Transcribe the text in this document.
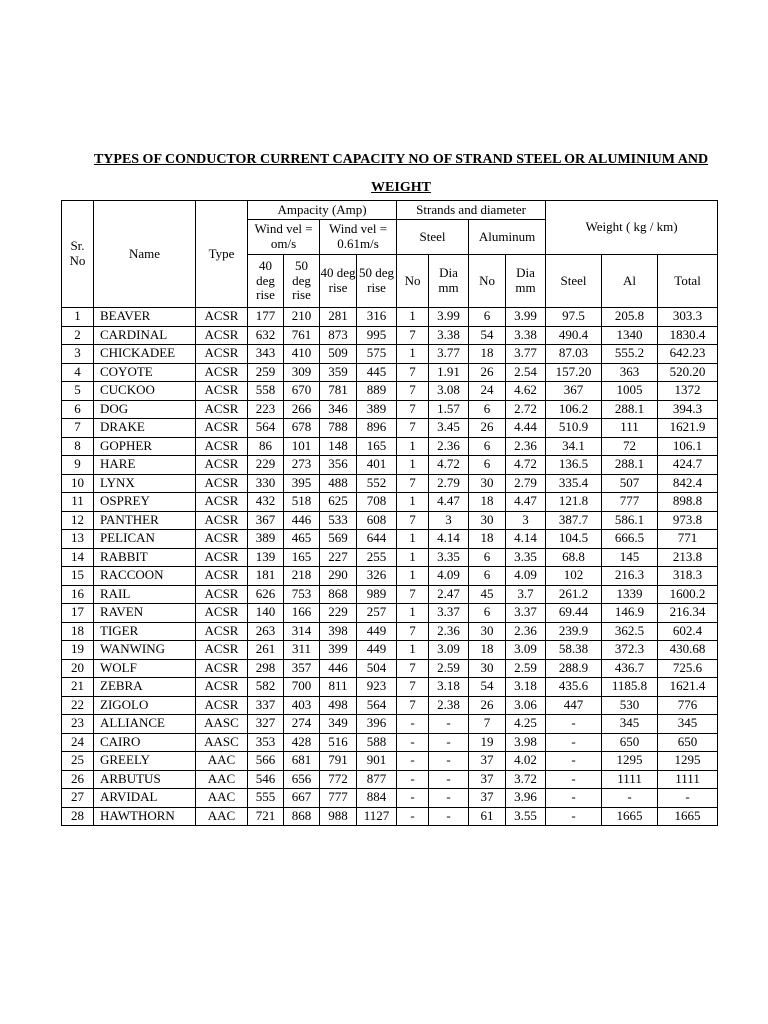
TYPES OF CONDUCTOR CURRENT CAPACITY NO OF STRAND STEEL OR ALUMINIUM AND
WEIGHT
Sr. No	Name	Type	Ampacity (Amp)				Strands and diameter				Weight ( kg / km)		
			Wind vel = om/s		Wind vel = 0.61m/s		Steel		Aluminum				
			40 deg rise	50 deg rise	40 deg rise	50 deg rise	No	Dia mm	No	Dia mm	Steel	Al	Total
1	BEAVER	ACSR	177	210	281	316	1	3.99	6	3.99	97.5	205.8	303.3
2	CARDINAL	ACSR	632	761	873	995	7	3.38	54	3.38	490.4	1340	1830.4
3	CHICKADEE	ACSR	343	410	509	575	1	3.77	18	3.77	87.03	555.2	642.23
4	COYOTE	ACSR	259	309	359	445	7	1.91	26	2.54	157.20	363	520.20
5	CUCKOO	ACSR	558	670	781	889	7	3.08	24	4.62	367	1005	1372
6	DOG	ACSR	223	266	346	389	7	1.57	6	2.72	106.2	288.1	394.3
7	DRAKE	ACSR	564	678	788	896	7	3.45	26	4.44	510.9	111	1621.9
8	GOPHER	ACSR	86	101	148	165	1	2.36	6	2.36	34.1	72	106.1
9	HARE	ACSR	229	273	356	401	1	4.72	6	4.72	136.5	288.1	424.7
10	LYNX	ACSR	330	395	488	552	7	2.79	30	2.79	335.4	507	842.4
11	OSPREY	ACSR	432	518	625	708	1	4.47	18	4.47	121.8	777	898.8
12	PANTHER	ACSR	367	446	533	608	7	3	30	3	387.7	586.1	973.8
13	PELICAN	ACSR	389	465	569	644	1	4.14	18	4.14	104.5	666.5	771
14	RABBIT	ACSR	139	165	227	255	1	3.35	6	3.35	68.8	145	213.8
15	RACCOON	ACSR	181	218	290	326	1	4.09	6	4.09	102	216.3	318.3
16	RAIL	ACSR	626	753	868	989	7	2.47	45	3.7	261.2	1339	1600.2
17	RAVEN	ACSR	140	166	229	257	1	3.37	6	3.37	69.44	146.9	216.34
18	TIGER	ACSR	263	314	398	449	7	2.36	30	2.36	239.9	362.5	602.4
19	WANWING	ACSR	261	311	399	449	1	3.09	18	3.09	58.38	372.3	430.68
20	WOLF	ACSR	298	357	446	504	7	2.59	30	2.59	288.9	436.7	725.6
21	ZEBRA	ACSR	582	700	811	923	7	3.18	54	3.18	435.6	1185.8	1621.4
22	ZIGOLO	ACSR	337	403	498	564	7	2.38	26	3.06	447	530	776
23	ALLIANCE	AASC	327	274	349	396	-	-	7	4.25	-	345	345
24	CAIRO	AASC	353	428	516	588	-	-	19	3.98	-	650	650
25	GREELY	AAC	566	681	791	901	-	-	37	4.02	-	1295	1295
26	ARBUTUS	AAC	546	656	772	877	-	-	37	3.72	-	1111	1111
27	ARVIDAL	AAC	555	667	777	884	-	-	37	3.96	-	-	-
28	HAWTHORN	AAC	721	868	988	1127	-	-	61	3.55	-	1665	1665
